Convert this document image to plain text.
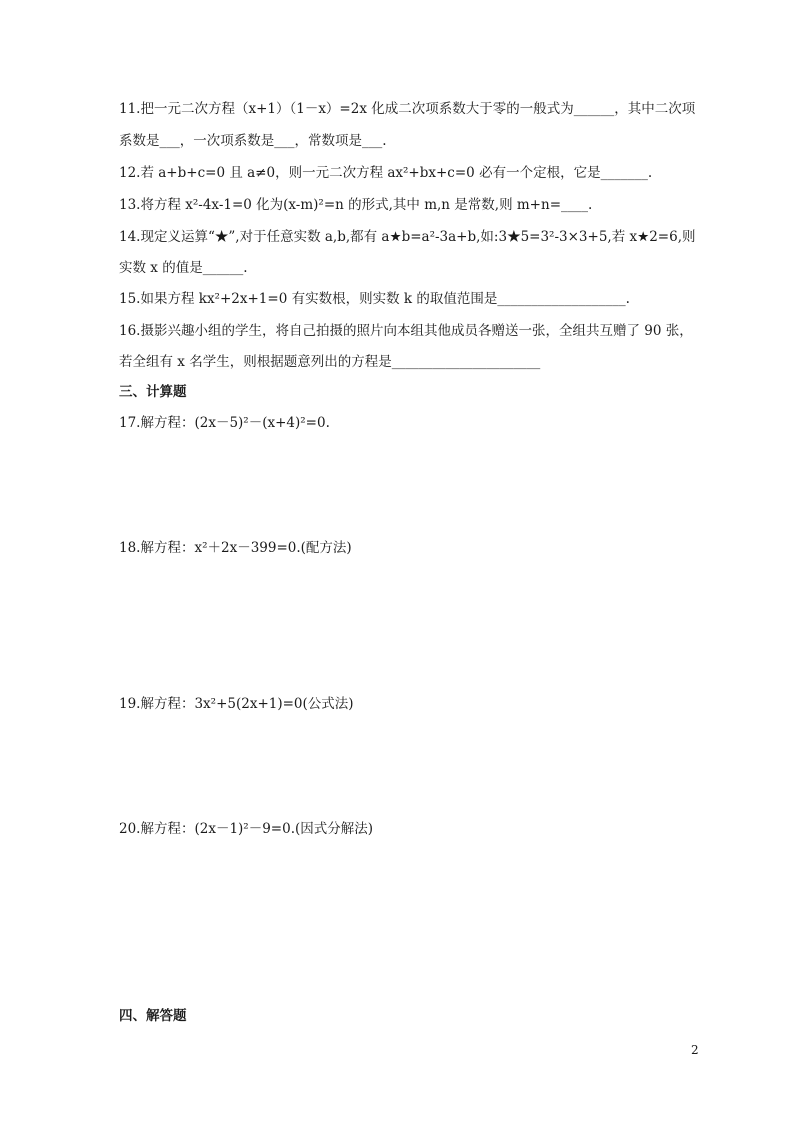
11.把一元二次方程（x+1）（1－x）=2x 化成二次项系数大于零的一般式为______，其中二次项
系数是___，一次项系数是___，常数项是___.
12.若 a+b+c=0 且 a≠0，则一元二次方程 ax²+bx+c=0 必有一个定根，它是_______.
13.将方程 x²-4x-1=0 化为(x-m)²=n 的形式,其中 m,n 是常数,则 m+n=____.
14.现定义运算“★”,对于任意实数 a,b,都有 a★b=a²-3a+b,如:3★5=3²-3×3+5,若 x★2=6,则
实数 x 的值是______.
15.如果方程 kx²+2x+1=0 有实数根，则实数 k 的取值范围是___________________.
16.摄影兴趣小组的学生，将自己拍摄的照片向本组其他成员各赠送一张，全组共互赠了 90 张，
若全组有 x 名学生，则根据题意列出的方程是______________________
三、计算题
17.解方程：(2x－5)²－(x+4)²=0.
18.解方程：x²＋2x－399=0.(配方法)
19.解方程：3x²+5(2x+1)=0(公式法)
20.解方程：(2x－1)²－9=0.(因式分解法)
四、解答题
2
